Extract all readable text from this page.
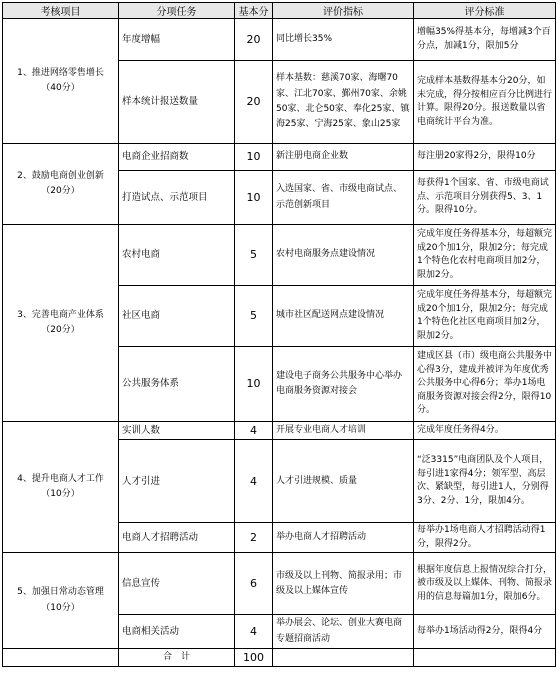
考核项目	分项任务	基本分	评价指标	评分标准
1、推进网络零售增长
（40分）	年度增幅	20	同比增长35%	增幅35%得基本分，每增减3个百分点，加减1分，限加5分
	样本统计报送数量	20	样本基数：慈溪70家、海曙70家、江北70家、鄞州70家、余姚50家、北仑50家、奉化25家、镇海25家、宁海25家、象山25家	完成样本基数得基本分20分，如未完成，得分按相应百分比例进行计算。限得20分。报送数量以省电商统计平台为准。
2、鼓励电商创业创新
（20分）	电商企业招商数	10	新注册电商企业数	每注册20家得2分，限得10分
	打造试点、示范项目	10	入选国家、省、市级电商试点、示范创新项目	每获得1个国家、省、市级电商试点、示范项目分别获得5、3、1分。限得10分。
3、完善电商产业体系
（20分）	农村电商	5	农村电商服务点建设情况	完成年度任务得基本分，每超额完成20个加1分，限加2分；每完成1个特色化农村电商项目加2分，限加2分。
	社区电商	5	城市社区配送网点建设情况	完成年度任务得基本分，每超额完成20个加1分，限加2分；每完成1个特色化社区电商项目加2分，限加2分。
	公共服务体系	10	建设电子商务公共服务中心举办电商服务资源对接会	建成区县（市）级电商公共服务中心得3分，建成并被评为年度优秀公共服务中心得6分；举办1场电商服务资源对接会得2分，限得10分。
4、提升电商人才工作
（10分）	实训人数	4	开展专业电商人才培训	完成年度任务得4分。
	人才引进	4	人才引进规模、质量	“泛3315”电商团队及个人项目，每引进1家得4分；领军型、高层次、紧缺型，每引进1人，分别得3分、2分、1分，限加4分。
	电商人才招聘活动	2	举办电商人才招聘活动	每举办1场电商人才招聘活动得1分，限得2分。
5、加强日常动态管理
（10分）	信息宣传	6	市级及以上刊物、简报录用；市级及以上媒体宣传	根据年度信息上报情况综合打分，被市级及以上媒体、刊物、简报录用的信息每篇加1分，限加6分。
	电商相关活动	4	举办展会、论坛、创业大赛电商专题招商活动	每举办1场活动得2分，限得4分
	合　计	100		
